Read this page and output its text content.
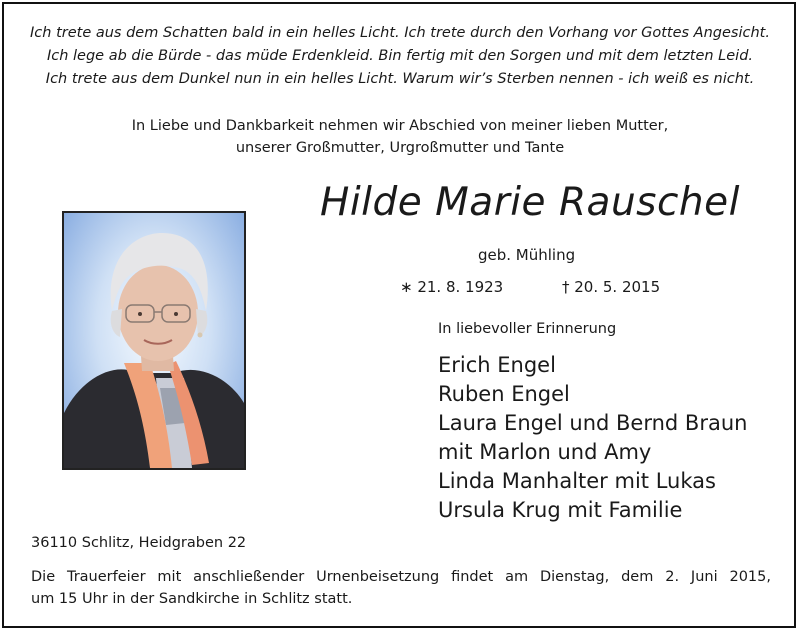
Ich trete aus dem Schatten bald in ein helles Licht. Ich trete durch den Vorhang vor Gottes Angesicht.
Ich lege ab die Bürde - das müde Erdenkleid. Bin fertig mit den Sorgen und mit dem letzten Leid.
Ich trete aus dem Dunkel nun in ein helles Licht. Warum wir’s Sterben nennen - ich weiß es nicht.
In Liebe und Dankbarkeit nehmen wir Abschied von meiner lieben Mutter,
unserer Großmutter, Urgroßmutter und Tante
Hilde Marie Rauschel
geb. Mühling
∗ 21. 8. 1923	† 20. 5. 2015
In liebevoller Erinnerung
Erich Engel
Ruben Engel
Laura Engel und Bernd Braun
mit Marlon und Amy
Linda Manhalter mit Lukas
Ursula Krug mit Familie
36110 Schlitz, Heidgraben 22
Die Trauerfeier mit anschließender Urnenbeisetzung findet am Dienstag, dem 2. Juni 2015,
um 15 Uhr in der Sandkirche in Schlitz statt.
